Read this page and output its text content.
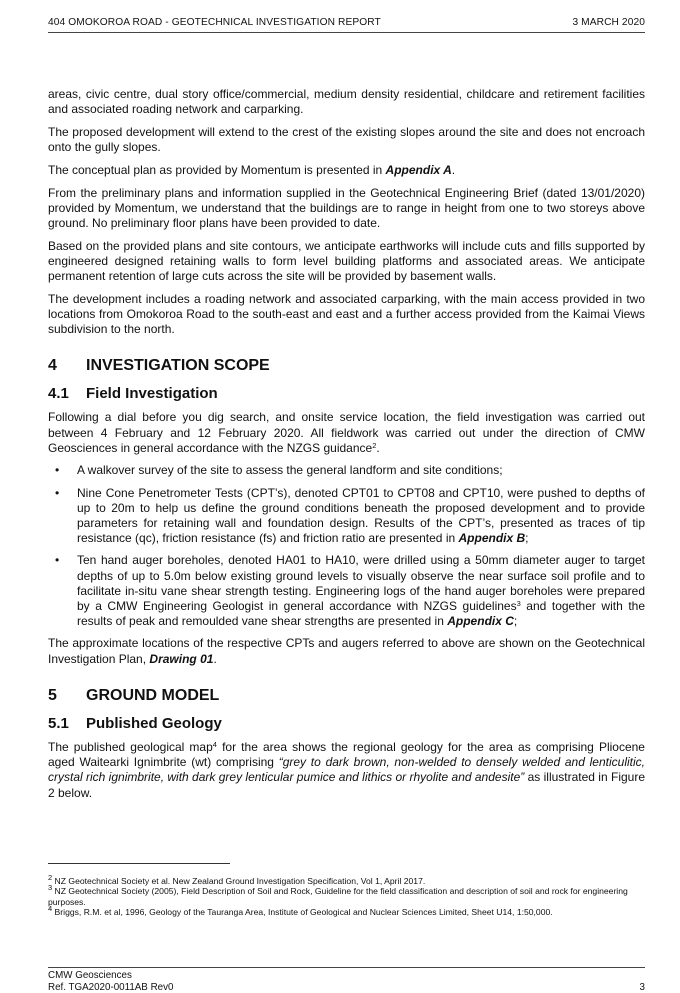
404 OMOKOROA ROAD - GEOTECHNICAL INVESTIGATION REPORT	3 MARCH 2020

areas, civic centre, dual story office/commercial, medium density residential, childcare and retirement facilities and associated roading network and carparking.

The proposed development will extend to the crest of the existing slopes around the site and does not encroach onto the gully slopes.

The conceptual plan as provided by Momentum is presented in Appendix A.

From the preliminary plans and information supplied in the Geotechnical Engineering Brief (dated 13/01/2020) provided by Momentum, we understand that the buildings are to range in height from one to two storeys above ground. No preliminary floor plans have been provided to date.

Based on the provided plans and site contours, we anticipate earthworks will include cuts and fills supported by engineered designed retaining walls to form level building platforms and associated areas. We anticipate permanent retention of large cuts across the site will be provided by basement walls.

The development includes a roading network and associated carparking, with the main access provided in two locations from Omokoroa Road to the south-east and east and a further access provided from the Kaimai Views subdivision to the north.

4	INVESTIGATION SCOPE
4.1	Field Investigation

Following a dial before you dig search, and onsite service location, the field investigation was carried out between 4 February and 12 February 2020. All fieldwork was carried out under the direction of CMW Geosciences in general accordance with the NZGS guidance$^2$.

• A walkover survey of the site to assess the general landform and site conditions;
• Nine Cone Penetrometer Tests (CPT’s), denoted CPT01 to CPT08 and CPT10, were pushed to depths of up to 20m to help us define the ground conditions beneath the proposed development and to provide parameters for retaining wall and foundation design. Results of the CPT’s, presented as traces of tip resistance (qc), friction resistance (fs) and friction ratio are presented in Appendix B;
• Ten hand auger boreholes, denoted HA01 to HA10, were drilled using a 50mm diameter auger to target depths of up to 5.0m below existing ground levels to visually observe the near surface soil profile and to facilitate in-situ vane shear strength testing. Engineering logs of the hand auger boreholes were prepared by a CMW Engineering Geologist in general accordance with NZGS guidelines$^3$ and together with the results of peak and remoulded vane shear strengths are presented in Appendix C;

The approximate locations of the respective CPTs and augers referred to above are shown on the Geotechnical Investigation Plan, Drawing 01.

5	GROUND MODEL
5.1	Published Geology

The published geological map$^4$ for the area shows the regional geology for the area as comprising Pliocene aged Waitearki Ignimbrite (wt) comprising “grey to dark brown, non-welded to densely welded and lenticulitic, crystal rich ignimbrite, with dark grey lenticular pumice and lithics or rhyolite and andesite” as illustrated in Figure 2 below.

$^2$ NZ Geotechnical Society et al. New Zealand Ground Investigation Specification, Vol 1, April 2017.
$^3$ NZ Geotechnical Society (2005), Field Description of Soil and Rock, Guideline for the field classification and description of soil and rock for engineering purposes.
$^4$ Briggs, R.M. et al, 1996, Geology of the Tauranga Area, Institute of Geological and Nuclear Sciences Limited, Sheet U14, 1:50,000.
CMW Geosciences
Ref. TGA2020-0011AB Rev0	3
